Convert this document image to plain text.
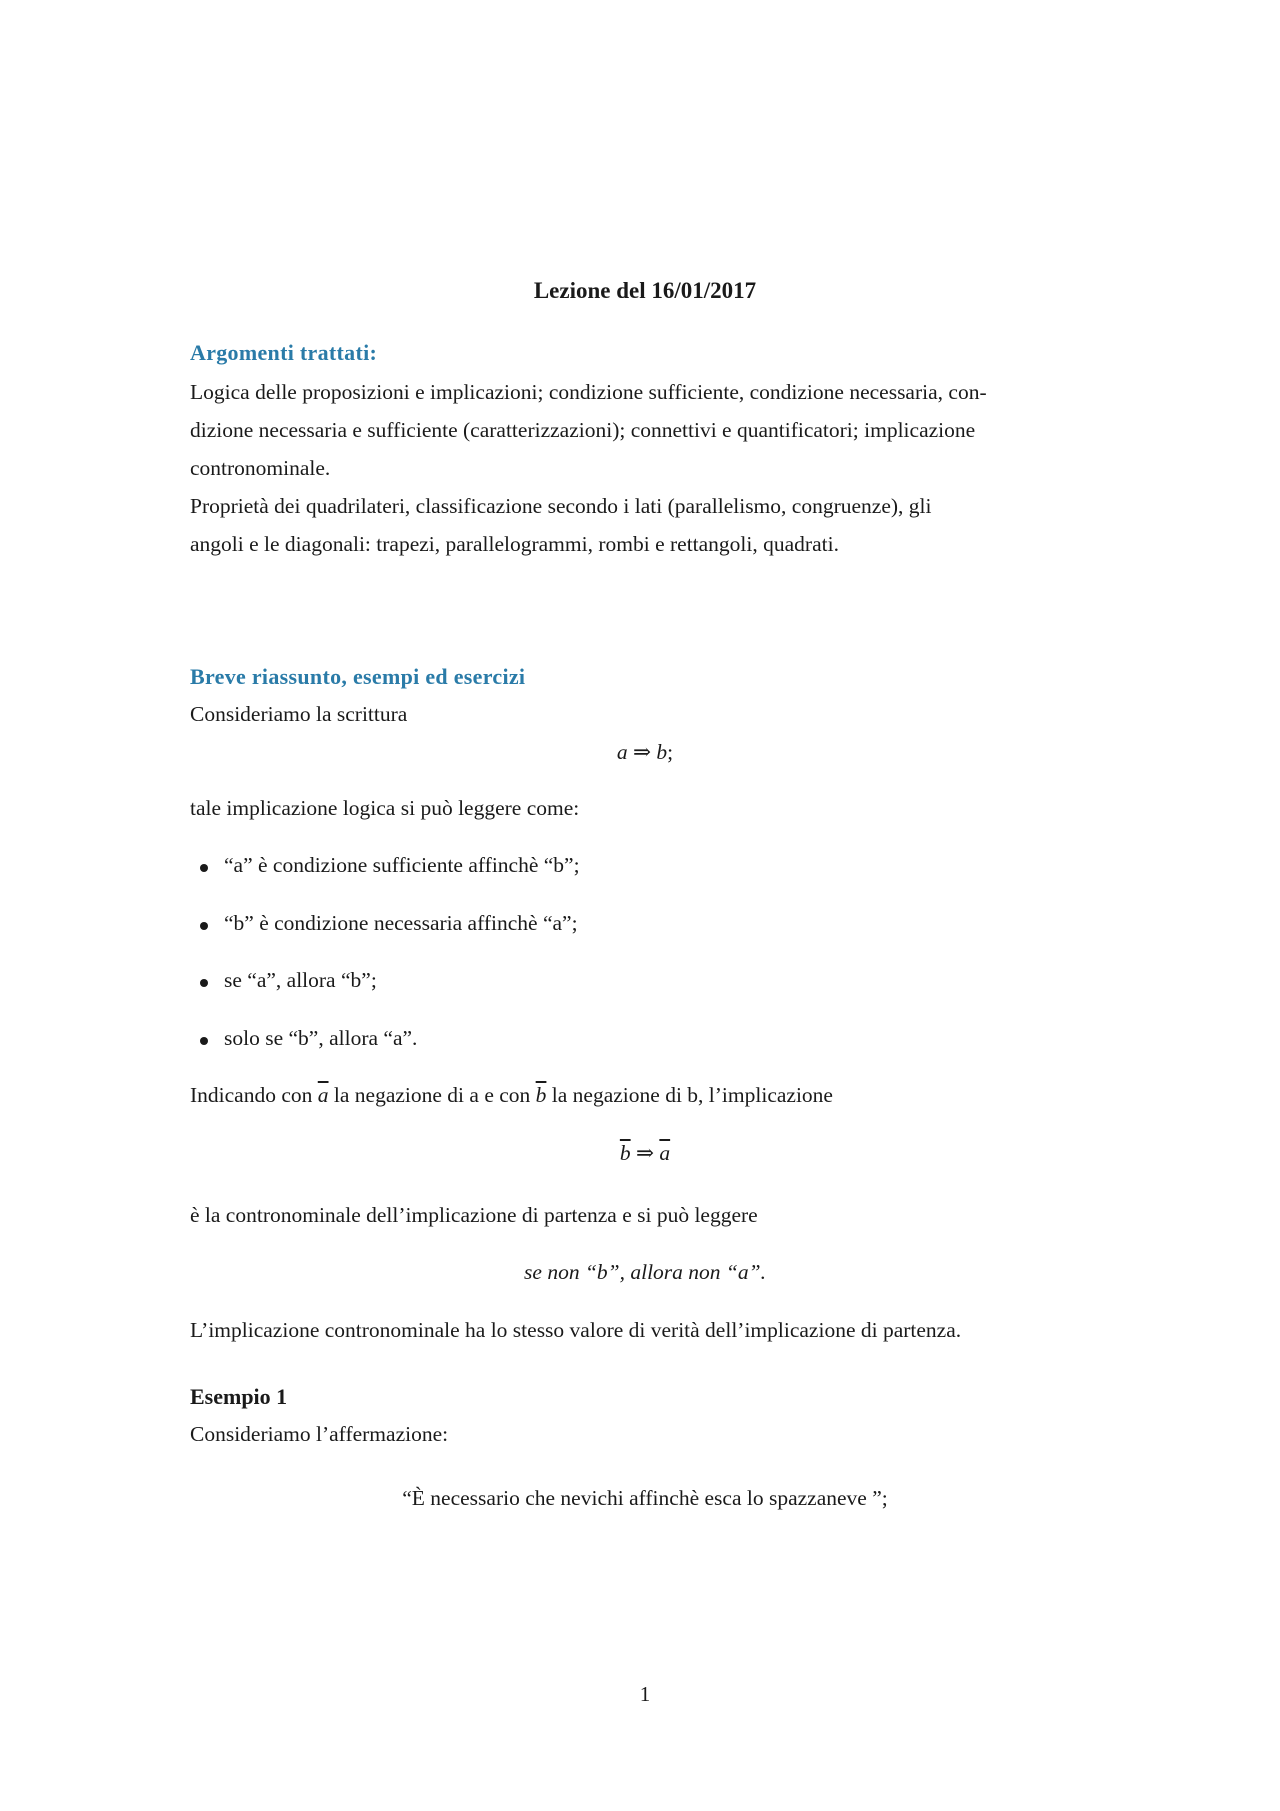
Lezione del 16/01/2017
Argomenti trattati:

Logica delle proposizioni e implicazioni; condizione sufficiente, condizione necessaria, con-

dizione necessaria e sufficiente (caratterizzazioni); connettivi e quantificatori; implicazione

contronominale.

Proprietà dei quadrilateri, classificazione secondo i lati (parallelismo, congruenze), gli

angoli e le diagonali: trapezi, parallelogrammi, rombi e rettangoli, quadrati.

Breve riassunto, esempi ed esercizi

Consideriamo la scrittura

a ⇒ b;

tale implicazione logica si può leggere come:

“a” è condizione sufficiente affinchè “b”;
“b” è condizione necessaria affinchè “a”;
se “a”, allora “b”;
solo se “b”, allora “a”.

Indicando con $\overline{a}$ la negazione di a e con $\overline{b}$ la negazione di b, l’implicazione

$\overline{b}$ ⇒ $\overline{a}$

è la contronominale dell’implicazione di partenza e si può leggere

se non “b”, allora non “a”.

L’implicazione contronominale ha lo stesso valore di verità dell’implicazione di partenza.

Esempio 1

Consideriamo l’affermazione:

“È necessario che nevichi affinchè esca lo spazzaneve ”;

1
